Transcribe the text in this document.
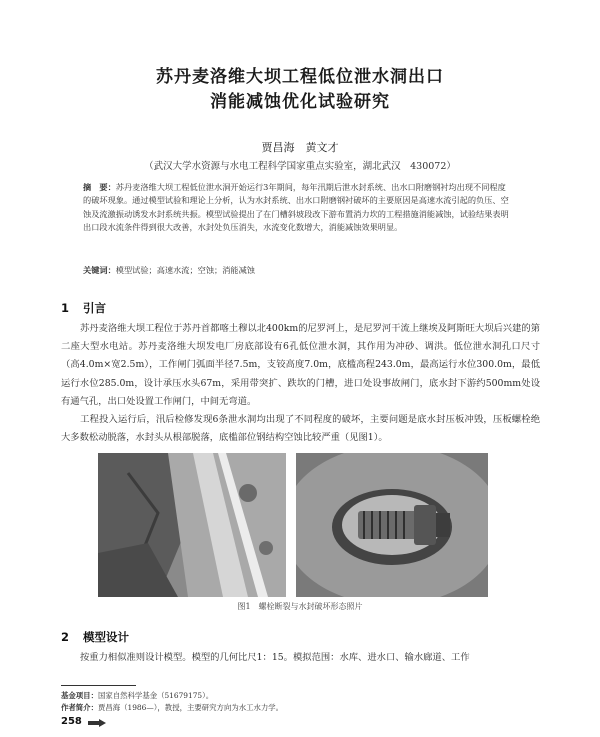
苏丹麦洛维大坝工程低位泄水洞出口
消能减蚀优化试验研究
贾昌海　黄文才
（武汉大学水资源与水电工程科学国家重点实验室，湖北武汉　430072）
摘　要：苏丹麦洛维大坝工程低位泄水洞开始运行3年期间，每年汛期后泄水封系统、出水口附磨钢衬均出现不同程度的破坏现象。通过模型试验和理论上分析，认为水封系统、出水口附磨钢衬破坏的主要原因是高速水流引起的负压、空蚀及流激振动诱发水封系统共振。模型试验提出了在门槽斜坡段改下游布置消力坎的工程措施消能减蚀，试验结果表明出口段水流条件得到很大改善，水封处负压消失，水流变化数增大，消能减蚀效果明显。
关键词：模型试验；高速水流；空蚀；消能减蚀
1 引言
苏丹麦洛维大坝工程位于苏丹首都喀土穆以北400km的尼罗河上，是尼罗河干流上继埃及阿斯旺大坝后兴建的第二座大型水电站。苏丹麦洛维大坝发电厂房底部设有6孔低位泄水洞，其作用为冲砂、调洪。低位泄水洞孔口尺寸（高4.0m×宽2.5m），工作闸门弧面半径7.5m，支铰高度7.0m，底槛高程243.0m，最高运行水位300.0m，最低运行水位285.0m，设计承压水头67m，采用带突扩、跌坎的门槽，进口处设事故闸门，底水封下游约500mm处设有通气孔，出口处设置工作闸门，中间无弯道。
工程投入运行后，汛后检修发现6条泄水洞均出现了不同程度的破坏，主要问题是底水封压板冲毁，压板螺栓绝大多数松动脱落，水封头从根部脱落，底槛部位钢结构空蚀比较严重（见图1）。
图1　螺栓断裂与水封破坏形态照片
2 模型设计
按重力相似准则设计模型。模型的几何比尺1：15。模拟范围：水库、进水口、输水廊道、工作
基金项目：国家自然科学基金（51679175）。
作者简介：贾昌海（1986—），教授，主要研究方向为水工水力学。
258
